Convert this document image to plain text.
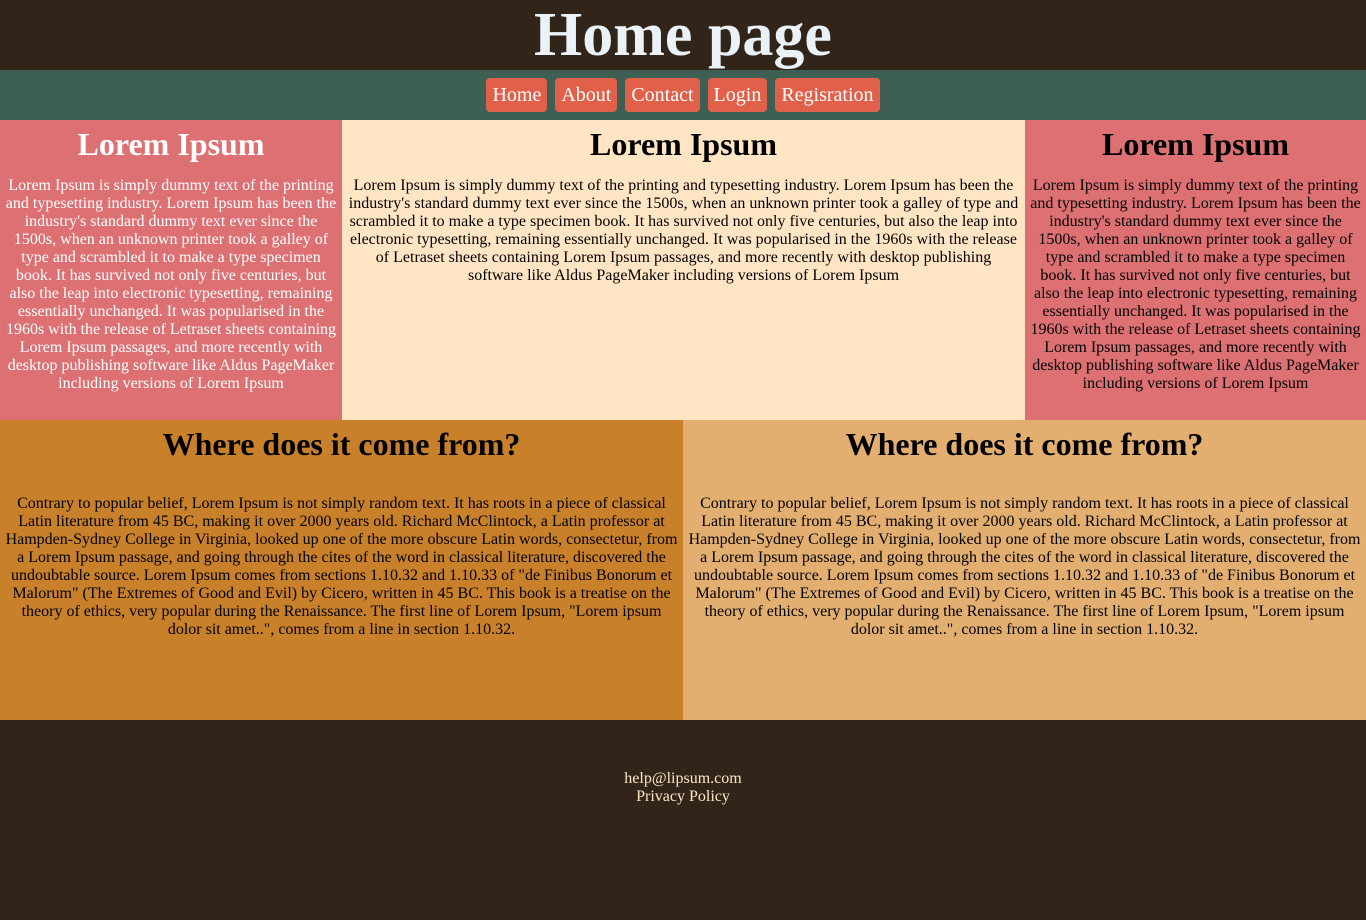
Home page
Home	About	Contact	Login	Regisration
Lorem Ipsum

Lorem Ipsum is simply dummy text of the printing and typesetting industry. Lorem Ipsum has been the industry's standard dummy text ever since the 1500s, when an unknown printer took a galley of type and scrambled it to make a type specimen book. It has survived not only five centuries, but also the leap into electronic typesetting, remaining essentially unchanged. It was popularised in the 1960s with the release of Letraset sheets containing Lorem Ipsum passages, and more recently with desktop publishing software like Aldus PageMaker including versions of Lorem Ipsum

Lorem Ipsum

Lorem Ipsum is simply dummy text of the printing and typesetting industry. Lorem Ipsum has been the industry's standard dummy text ever since the 1500s, when an unknown printer took a galley of type and scrambled it to make a type specimen book. It has survived not only five centuries, but also the leap into electronic typesetting, remaining essentially unchanged. It was popularised in the 1960s with the release of Letraset sheets containing Lorem Ipsum passages, and more recently with desktop publishing software like Aldus PageMaker including versions of Lorem Ipsum

Lorem Ipsum

Lorem Ipsum is simply dummy text of the printing and typesetting industry. Lorem Ipsum has been the industry's standard dummy text ever since the 1500s, when an unknown printer took a galley of type and scrambled it to make a type specimen book. It has survived not only five centuries, but also the leap into electronic typesetting, remaining essentially unchanged. It was popularised in the 1960s with the release of Letraset sheets containing Lorem Ipsum passages, and more recently with desktop publishing software like Aldus PageMaker including versions of Lorem Ipsum

Where does it come from?

Contrary to popular belief, Lorem Ipsum is not simply random text. It has roots in a piece of classical Latin literature from 45 BC, making it over 2000 years old. Richard McClintock, a Latin professor at Hampden-Sydney College in Virginia, looked up one of the more obscure Latin words, consectetur, from a Lorem Ipsum passage, and going through the cites of the word in classical literature, discovered the undoubtable source. Lorem Ipsum comes from sections 1.10.32 and 1.10.33 of "de Finibus Bonorum et Malorum" (The Extremes of Good and Evil) by Cicero, written in 45 BC. This book is a treatise on the theory of ethics, very popular during the Renaissance. The first line of Lorem Ipsum, "Lorem ipsum dolor sit amet..", comes from a line in section 1.10.32.

Where does it come from?

Contrary to popular belief, Lorem Ipsum is not simply random text. It has roots in a piece of classical Latin literature from 45 BC, making it over 2000 years old. Richard McClintock, a Latin professor at Hampden-Sydney College in Virginia, looked up one of the more obscure Latin words, consectetur, from a Lorem Ipsum passage, and going through the cites of the word in classical literature, discovered the undoubtable source. Lorem Ipsum comes from sections 1.10.32 and 1.10.33 of "de Finibus Bonorum et Malorum" (The Extremes of Good and Evil) by Cicero, written in 45 BC. This book is a treatise on the theory of ethics, very popular during the Renaissance. The first line of Lorem Ipsum, "Lorem ipsum dolor sit amet..", comes from a line in section 1.10.32.

help@lipsum.com
Privacy Policy
